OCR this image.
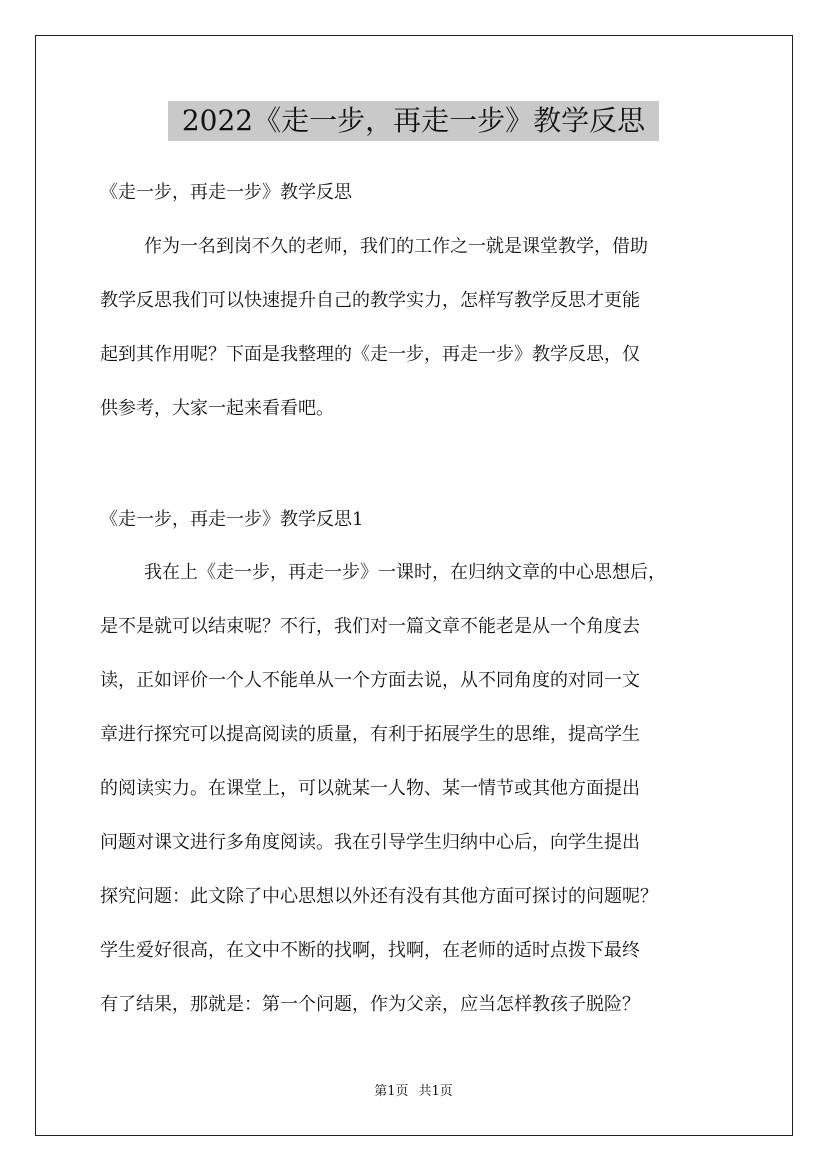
2022《走一步，再走一步》教学反思
《走一步，再走一步》教学反思
作为一名到岗不久的老师，我们的工作之一就是课堂教学，借助
教学反思我们可以快速提升自己的教学实力，怎样写教学反思才更能
起到其作用呢？下面是我整理的《走一步，再走一步》教学反思，仅
供参考，大家一起来看看吧。
《走一步，再走一步》教学反思1
我在上《走一步，再走一步》一课时，在归纳文章的中心思想后，
是不是就可以结束呢？不行，我们对一篇文章不能老是从一个角度去
读，正如评价一个人不能单从一个方面去说，从不同角度的对同一文
章进行探究可以提高阅读的质量，有利于拓展学生的思维，提高学生
的阅读实力。在课堂上，可以就某一人物、某一情节或其他方面提出
问题对课文进行多角度阅读。我在引导学生归纳中心后，向学生提出
探究问题：此文除了中心思想以外还有没有其他方面可探讨的问题呢？
学生爱好很高，在文中不断的找啊，找啊，在老师的适时点拨下最终
有了结果，那就是：第一个问题，作为父亲，应当怎样教孩子脱险？
第1页 共1页
